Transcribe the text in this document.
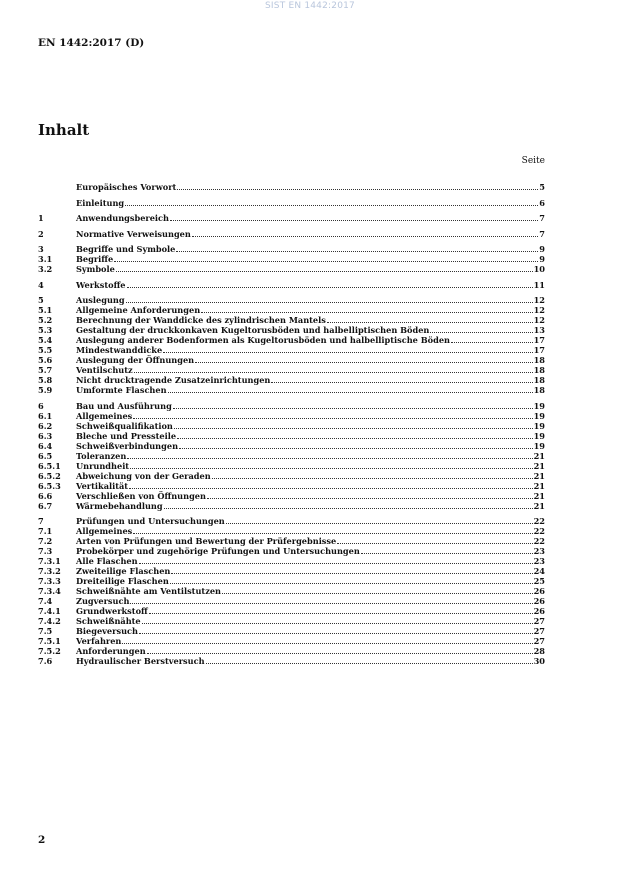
SIST EN 1442:2017
EN 1442:2017 (D)
Inhalt
Seite
Europäisches Vorwort	5
Einleitung	6
1	Anwendungsbereich	7
2	Normative Verweisungen	7
3	Begriffe und Symbole	9
3.1	Begriffe	9
3.2	Symbole	10
4	Werkstoffe	11
5	Auslegung	12
5.1	Allgemeine Anforderungen	12
5.2	Berechnung der Wanddicke des zylindrischen Mantels	12
5.3	Gestaltung der druckkonkaven Kugeltorusböden und halbelliptischen Böden	13
5.4	Auslegung anderer Bodenformen als Kugeltorusböden und halbelliptische Böden	17
5.5	Mindestwanddicke	17
5.6	Auslegung der Öffnungen	18
5.7	Ventilschutz	18
5.8	Nicht drucktragende Zusatzeinrichtungen	18
5.9	Umformte Flaschen	18
6	Bau und Ausführung	19
6.1	Allgemeines	19
6.2	Schweißqualifikation	19
6.3	Bleche und Pressteile	19
6.4	Schweißverbindungen	19
6.5	Toleranzen	21
6.5.1	Unrundheit	21
6.5.2	Abweichung von der Geraden	21
6.5.3	Vertikalität	21
6.6	Verschließen von Öffnungen	21
6.7	Wärmebehandlung	21
7	Prüfungen und Untersuchungen	22
7.1	Allgemeines	22
7.2	Arten von Prüfungen und Bewertung der Prüfergebnisse	22
7.3	Probekörper und zugehörige Prüfungen und Untersuchungen	23
7.3.1	Alle Flaschen	23
7.3.2	Zweiteilige Flaschen	24
7.3.3	Dreiteilige Flaschen	25
7.3.4	Schweißnähte am Ventilstutzen	26
7.4	Zugversuch	26
7.4.1	Grundwerkstoff	26
7.4.2	Schweißnähte	27
7.5	Biegeversuch	27
7.5.1	Verfahren	27
7.5.2	Anforderungen	28
7.6	Hydraulischer Berstversuch	30
2
